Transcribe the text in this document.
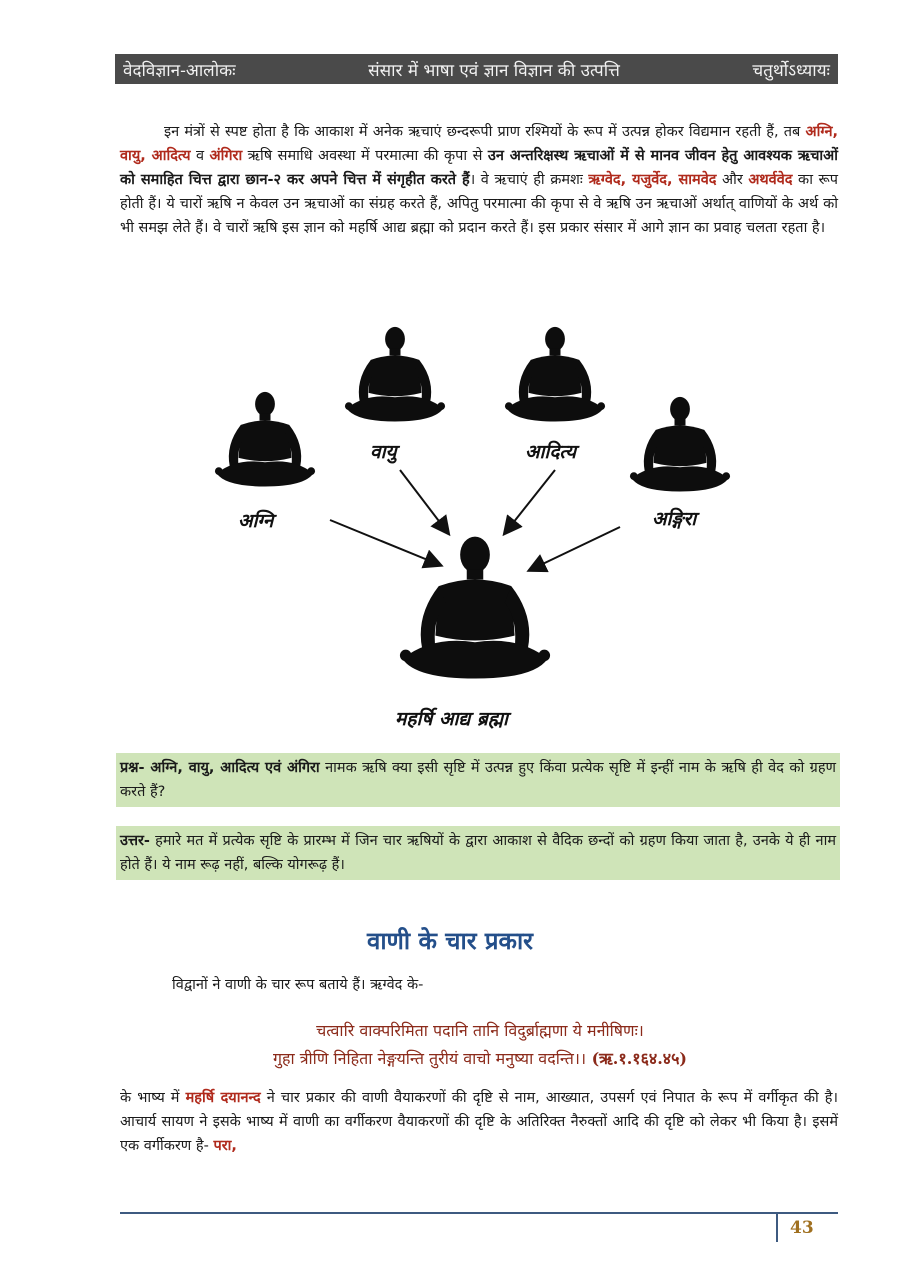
वेदविज्ञान-आलोकः	संसार में भाषा एवं ज्ञान विज्ञान की उत्पत्ति	चतुर्थोऽध्यायः
इन मंत्रों से स्पष्ट होता है कि आकाश में अनेक ऋचाएं छन्दरूपी प्राण रश्मियों के रूप में उत्पन्न होकर विद्यमान रहती हैं, तब अग्नि, वायु, आदित्य व अंगिरा ऋषि समाधि अवस्था में परमात्मा की कृपा से उन अन्तरिक्षस्थ ऋचाओं में से मानव जीवन हेतु आवश्यक ऋचाओं को समाहित चित्त द्वारा छान-२ कर अपने चित्त में संगृहीत करते हैं। वे ऋचाएं ही क्रमशः ऋग्वेद, यजुर्वेद, सामवेद और अथर्ववेद का रूप होती हैं। ये चारों ऋषि न केवल उन ऋचाओं का संग्रह करते हैं, अपितु परमात्मा की कृपा से वे ऋषि उन ऋचाओं अर्थात् वाणियों के अर्थ को भी समझ लेते हैं। वे चारों ऋषि इस ज्ञान को महर्षि आद्य ब्रह्मा को प्रदान करते हैं। इस प्रकार संसार में आगे ज्ञान का प्रवाह चलता रहता है।
अग्नि
वायु	आदित्य
अङ्गिरा
महर्षि आद्य ब्रह्मा
प्रश्न- अग्नि, वायु, आदित्य एवं अंगिरा नामक ऋषि क्या इसी सृष्टि में उत्पन्न हुए किंवा प्रत्येक सृष्टि में इन्हीं नाम के ऋषि ही वेद को ग्रहण करते हैं?
उत्तर- हमारे मत में प्रत्येक सृष्टि के प्रारम्भ में जिन चार ऋषियों के द्वारा आकाश से वैदिक छन्दों को ग्रहण किया जाता है, उनके ये ही नाम होते हैं। ये नाम रूढ़ नहीं, बल्कि योगरूढ़ हैं।
वाणी के चार प्रकार
विद्वानों ने वाणी के चार रूप बताये हैं। ऋग्वेद के-
चत्वारि वाक्परिमिता पदानि तानि विदुर्ब्राह्मणा ये मनीषिणः।
गुहा त्रीणि निहिता नेङ्गयन्ति तुरीयं वाचो मनुष्या वदन्ति।। (ऋ.१.१६४.४५)
के भाष्य में महर्षि दयानन्द ने चार प्रकार की वाणी वैयाकरणों की दृष्टि से नाम, आख्यात, उपसर्ग एवं निपात के रूप में वर्गीकृत की है। आचार्य सायण ने इसके भाष्य में वाणी का वर्गीकरण वैयाकरणों की दृष्टि के अतिरिक्त नैरुक्तों आदि की दृष्टि को लेकर भी किया है। इसमें एक वर्गीकरण है- परा,
43
